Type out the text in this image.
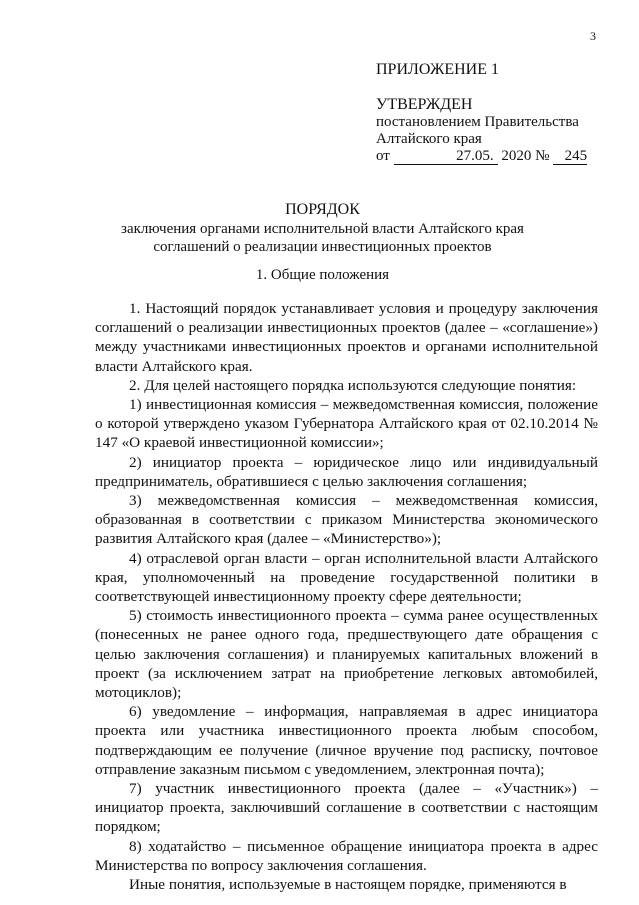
3
ПРИЛОЖЕНИЕ 1
УТВЕРЖДЕН
постановлением Правительства
Алтайского края
от	27.05. 2020 № 245
ПОРЯДОК
заключения органами исполнительной власти Алтайского края
соглашений о реализации инвестиционных проектов
1. Общие положения

1. Настоящий порядок устанавливает условия и процедуру заключения соглашений о реализации инвестиционных проектов (далее – «соглашение») между участниками инвестиционных проектов и органами исполнительной власти Алтайского края.

2. Для целей настоящего порядка используются следующие понятия:

1) инвестиционная комиссия – межведомственная комиссия, положение о которой утверждено указом Губернатора Алтайского края от 02.10.2014 № 147 «О краевой инвестиционной комиссии»;

2) инициатор проекта – юридическое лицо или индивидуальный предприниматель, обратившиеся с целью заключения соглашения;

3) межведомственная комиссия – межведомственная комиссия, образованная в соответствии с приказом Министерства экономического развития Алтайского края (далее – «Министерство»);

4) отраслевой орган власти – орган исполнительной власти Алтайского края, уполномоченный на проведение государственной политики в соответствующей инвестиционному проекту сфере деятельности;

5) стоимость инвестиционного проекта – сумма ранее осуществленных (понесенных не ранее одного года, предшествующего дате обращения с целью заключения соглашения) и планируемых капитальных вложений в проект (за исключением затрат на приобретение легковых автомобилей, мотоциклов);

6) уведомление – информация, направляемая в адрес инициатора проекта или участника инвестиционного проекта любым способом, подтверждающим ее получение (личное вручение под расписку, почтовое отправление заказным письмом с уведомлением, электронная почта);

7) участник инвестиционного проекта (далее – «Участник») – инициатор проекта, заключивший соглашение в соответствии с настоящим порядком;

8) ходатайство – письменное обращение инициатора проекта в адрес Министерства по вопросу заключения соглашения.

Иные понятия, используемые в настоящем порядке, применяются в
